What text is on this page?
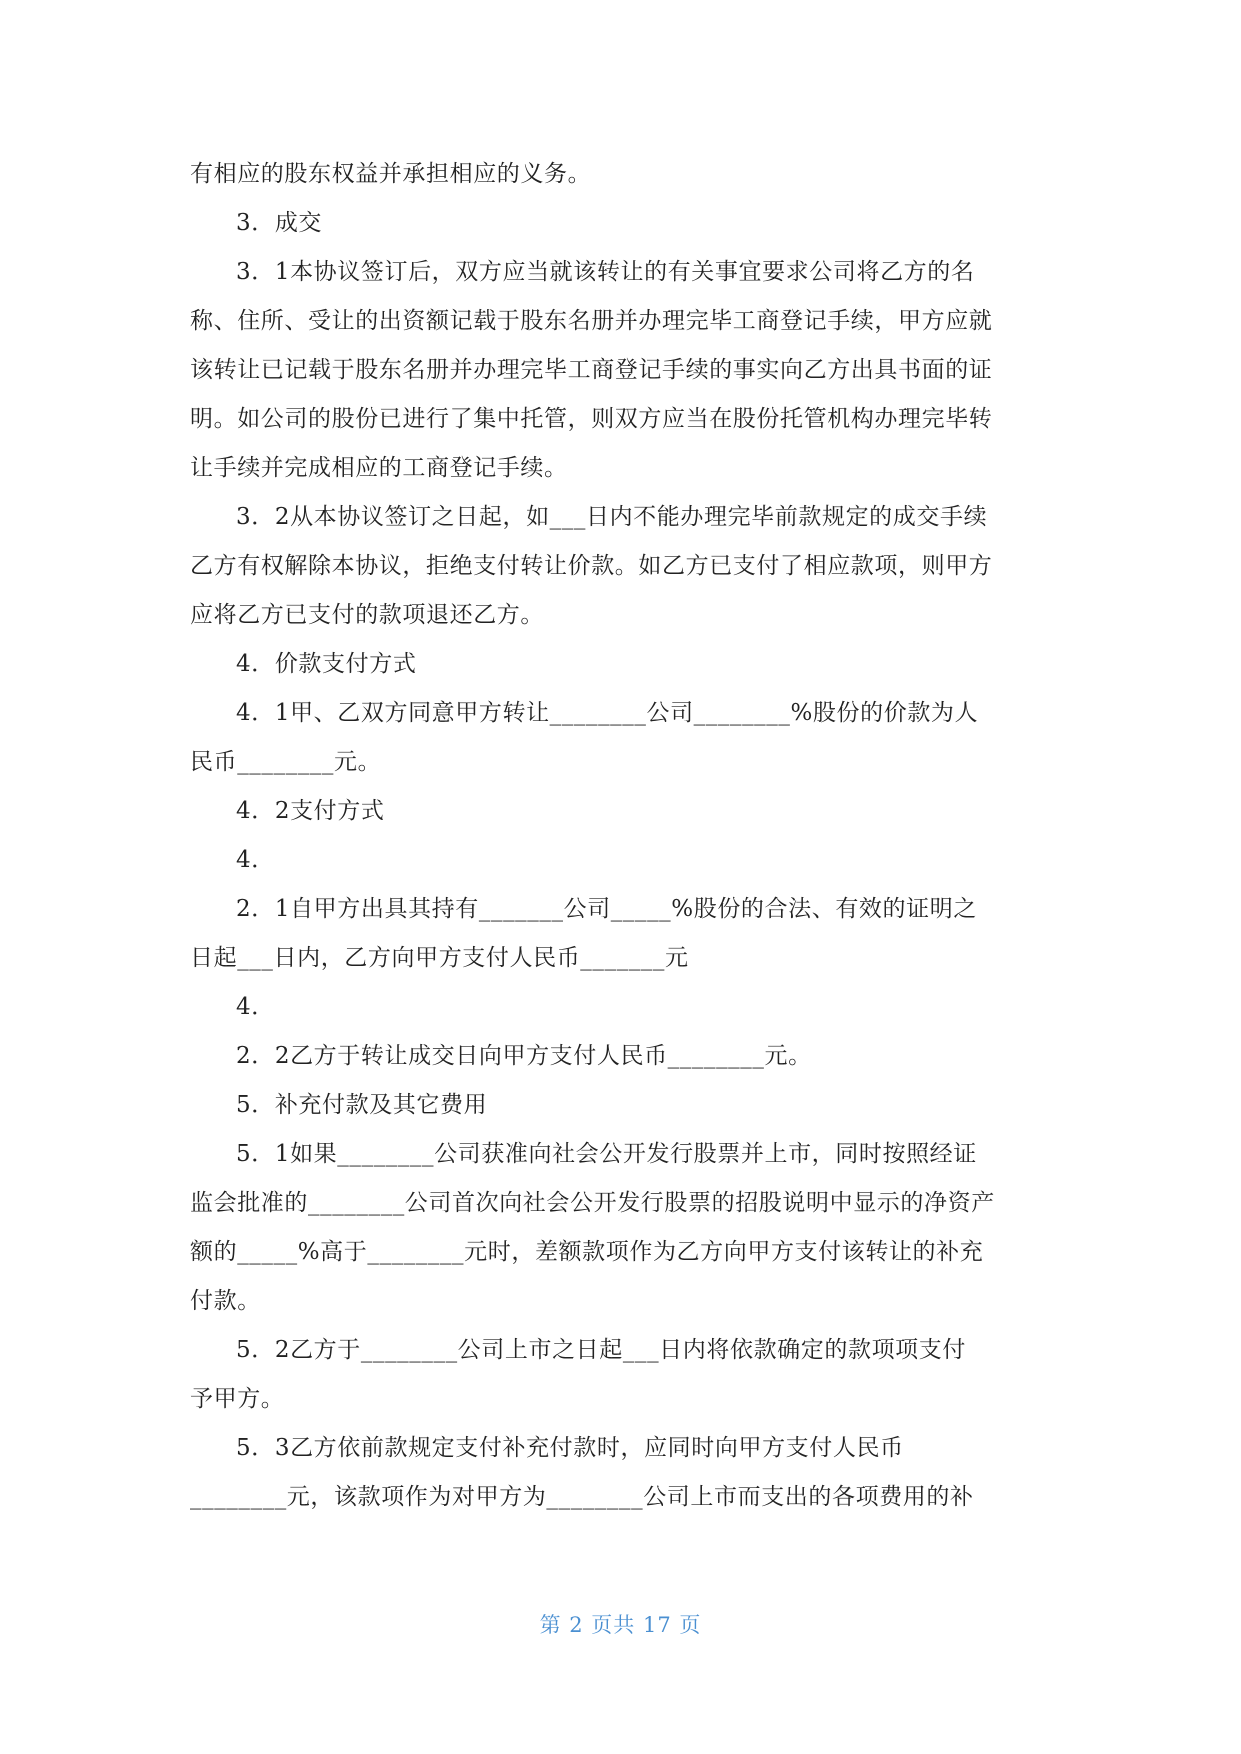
有相应的股东权益并承担相应的义务。
3．成交
3．1本协议签订后，双方应当就该转让的有关事宜要求公司将乙方的名
称、住所、受让的出资额记载于股东名册并办理完毕工商登记手续，甲方应就
该转让已记载于股东名册并办理完毕工商登记手续的事实向乙方出具书面的证
明。如公司的股份已进行了集中托管，则双方应当在股份托管机构办理完毕转
让手续并完成相应的工商登记手续。
3．2从本协议签订之日起，如___日内不能办理完毕前款规定的成交手续
乙方有权解除本协议，拒绝支付转让价款。如乙方已支付了相应款项，则甲方
应将乙方已支付的款项退还乙方。
4．价款支付方式
4．1甲、乙双方同意甲方转让________公司________%股份的价款为人
民币________元。
4．2支付方式
4．
2．1自甲方出具其持有_______公司_____%股份的合法、有效的证明之
日起___日内，乙方向甲方支付人民币_______元
4．
2．2乙方于转让成交日向甲方支付人民币________元。
5．补充付款及其它费用
5．1如果________公司获准向社会公开发行股票并上市，同时按照经证
监会批准的________公司首次向社会公开发行股票的招股说明中显示的净资产
额的_____%高于________元时，差额款项作为乙方向甲方支付该转让的补充
付款。
5．2乙方于________公司上市之日起___日内将依款确定的款项项支付
予甲方。
5．3乙方依前款规定支付补充付款时，应同时向甲方支付人民币
________元，该款项作为对甲方为________公司上市而支出的各项费用的补
第 2 页共 17 页
